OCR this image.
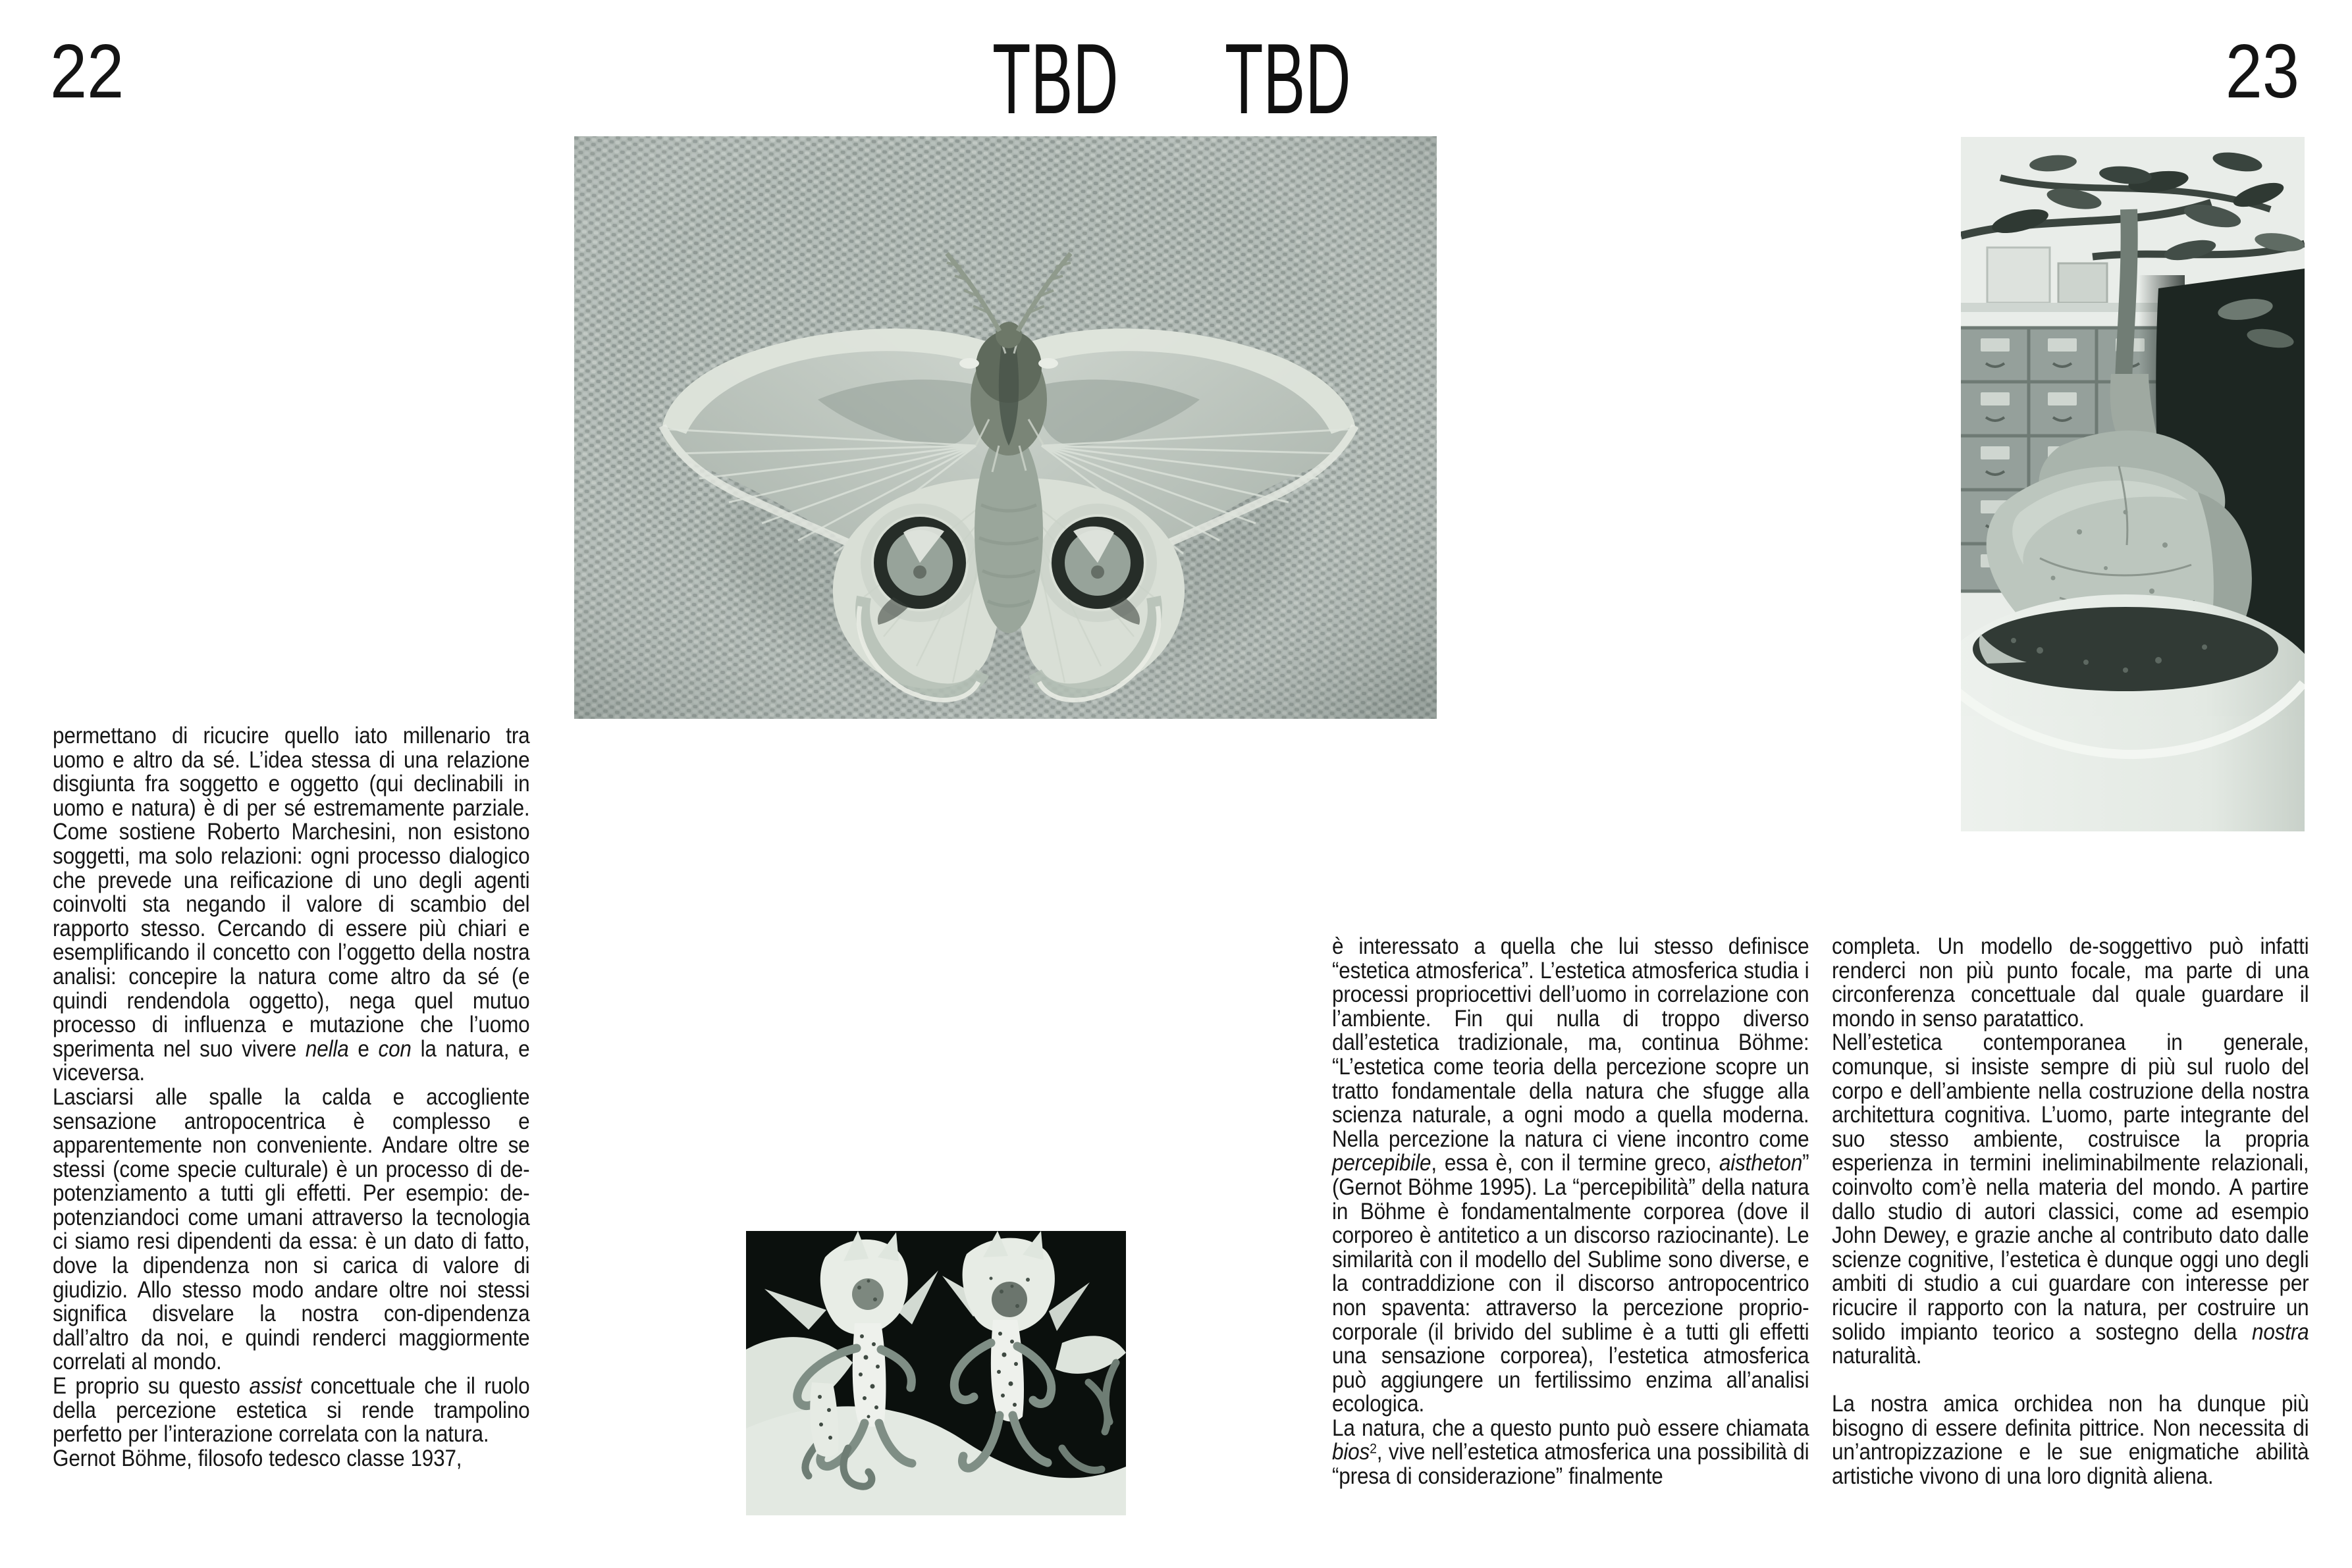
22	TBD TBD	23

permettano di ricucire quello iato millenario tra uomo e altro da sé. L’idea stessa di una relazione disgiunta fra soggetto e oggetto (qui declinabili in uomo e natura) è di per sé estremamente parziale. Come sostiene Roberto Marchesini, non esistono soggetti, ma solo relazioni: ogni processo dialogico che prevede una reificazione di uno degli agenti coinvolti sta negando il valore di scambio del rapporto stesso. Cercando di essere più chiari e esemplificando il concetto con l’oggetto della nostra analisi: concepire la natura come altro da sé (e quindi rendendola oggetto), nega quel mutuo processo di influenza e mutazione che l’uomo sperimenta nel suo vivere nella e con la natura, e viceversa.

Lasciarsi alle spalle la calda e accogliente sensazione antropocentrica è complesso e apparentemente non conveniente. Andare oltre se stessi (come specie culturale) è un processo di de-potenziamento a tutti gli effetti. Per esempio: de-potenziandoci come umani attraverso la tecnologia ci siamo resi dipendenti da essa: è un dato di fatto, dove la dipendenza non si carica di valore di giudizio. Allo stesso modo andare oltre noi stessi significa disvelare la nostra con-dipendenza dall’altro da noi, e quindi renderci maggiormente correlati al mondo.

E proprio su questo assist concettuale che il ruolo della percezione estetica si rende trampolino perfetto per l’interazione correlata con la natura.

Gernot Böhme, filosofo tedesco classe 1937,

è interessato a quella che lui stesso definisce “estetica atmosferica”. L’estetica atmosferica studia i processi propriocettivi dell’uomo in correlazione con l’ambiente. Fin qui nulla di troppo diverso dall’estetica tradizionale, ma, continua Böhme: “L’estetica come teoria della percezione scopre un tratto fondamentale della natura che sfugge alla scienza naturale, a ogni modo a quella moderna. Nella percezione la natura ci viene incontro come percepibile, essa è, con il termine greco, aistheton” (Gernot Böhme 1995). La “percepibilità” della natura in Böhme è fondamentalmente corporea (dove il corporeo è antitetico a un discorso raziocinante). Le similarità con il modello del Sublime sono diverse, e la contraddizione con il discorso antropocentrico non spaventa: attraverso la percezione proprio-corporale (il brivido del sublime è a tutti gli effetti una sensazione corporea), l’estetica atmosferica può aggiungere un fertilissimo enzima all’analisi ecologica.

La natura, che a questo punto può essere chiamata bios$^2$, vive nell’estetica atmosferica una possibilità di “presa di considerazione” finalmente

completa. Un modello de-soggettivo può infatti renderci non più punto focale, ma parte di una circonferenza concettuale dal quale guardare il mondo in senso paratattico.

Nell’estetica contemporanea in generale, comunque, si insiste sempre di più sul ruolo del corpo e dell’ambiente nella costruzione della nostra architettura cognitiva. L’uomo, parte integrante del suo stesso ambiente, costruisce la propria esperienza in termini ineliminabilmente relazionali, coinvolto com’è nella materia del mondo. A partire dallo studio di autori classici, come ad esempio John Dewey, e grazie anche al contributo dato dalle scienze cognitive, l’estetica è dunque oggi uno degli ambiti di studio a cui guardare con interesse per ricucire il rapporto con la natura, per costruire un solido impianto teorico a sostegno della nostra naturalità.

La nostra amica orchidea non ha dunque più bisogno di essere definita pittrice. Non necessita di un’antropizzazione e le sue enigmatiche abilità artistiche vivono di una loro dignità aliena.
